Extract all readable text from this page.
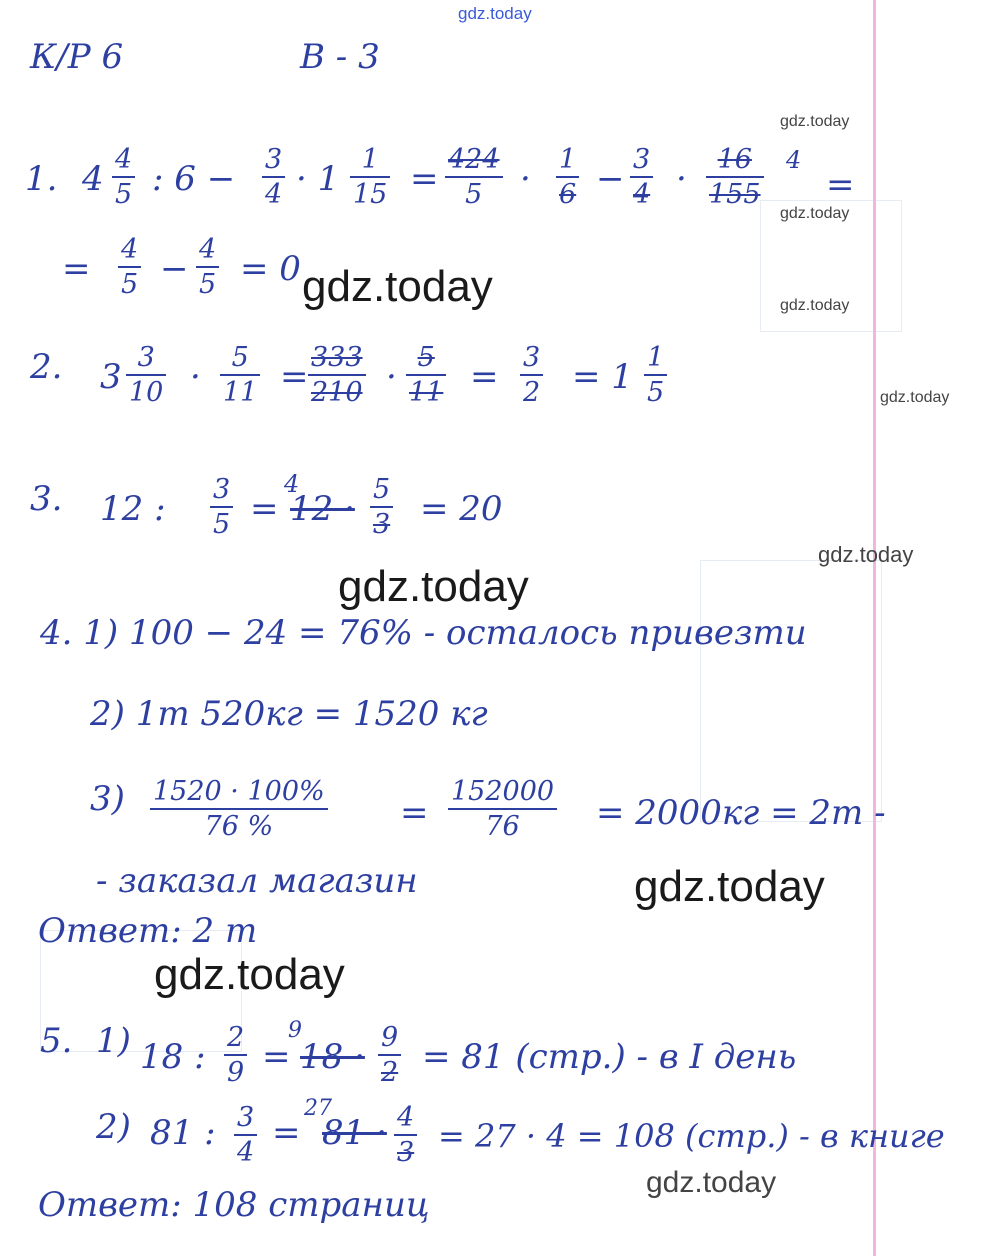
К/Р 6	В - 3
1. 4 4
5 : 6 − 3
4 · 1 1
15 = 424
5 · 1
6 − 3
4 · 16
155
4
=
= 4
5 − 4
5 = 0
2. 3 3
10 · 5
11 = 333
210 · 5
11 = 3
2 = 1 1
5
3. 12 : 3
5 =
4
12 · 5
3 = 20
4. 1) 100 − 24 = 76% - осталось привезти
2) 1т 520кг = 1520 кг
3) 1520 · 100%
76 %	=
152000
76 = 2000кг = 2т -
- заказал магазин
Ответ: 2 т
5. 1) 18 : 2
9 =
9
18 · 9
2 = 81 (стр.) - в I день
2) 81 : 3
4 =
27
81 · 4
3 = 27 · 4 = 108 (стр.) - в книге
Ответ: 108 страниц
gdz.today
gdz.today
gdz.today
gdz.today
gdz.today
gdz.today
gdz.today
gdz.today
gdz.today
gdz.today
gdz.today
